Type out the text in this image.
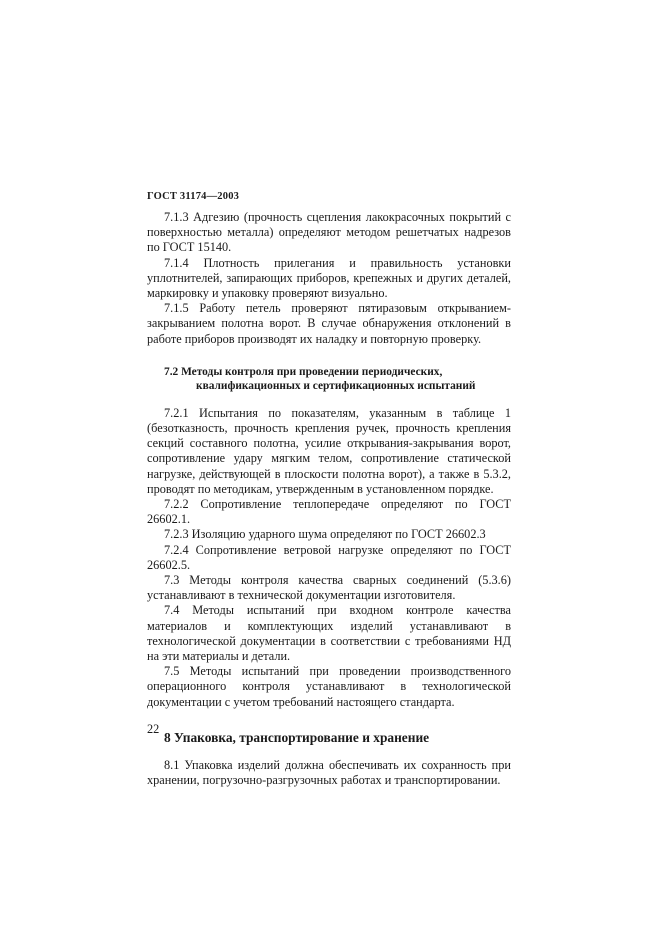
ГОСТ 31174—2003

7.1.3 Адгезию (прочность сцепления лакокрасочных покрытий с поверхностью металла) определяют методом решетчатых надрезов по ГОСТ 15140.

7.1.4 Плотность прилегания и правильность установки уплотнителей, запирающих приборов, крепежных и других деталей, маркировку и упаковку проверяют визуально.

7.1.5 Работу петель проверяют пятиразовым открыванием-закрыванием полотна ворот. В случае обнаружения отклонений в работе приборов производят их наладку и повторную проверку.

7.2 Методы контроля при проведении периодических,
квалификационных и сертификационных испытаний

7.2.1 Испытания по показателям, указанным в таблице 1 (безотказность, прочность крепления ручек, прочность крепления секций составного полотна, усилие открывания-закрывания ворот, сопротивление удару мягким телом, сопротивление статической нагрузке, действующей в плоскости полотна ворот), а также в 5.3.2, проводят по методикам, утвержденным в установленном порядке.

7.2.2 Сопротивление теплопередаче определяют по ГОСТ 26602.1.

7.2.3 Изоляцию ударного шума определяют по ГОСТ 26602.3

7.2.4 Сопротивление ветровой нагрузке определяют по ГОСТ 26602.5.

7.3 Методы контроля качества сварных соединений (5.3.6) устанавливают в технической документации изготовителя.

7.4 Методы испытаний при входном контроле качества материалов и комплектующих изделий устанавливают в технологической документации в соответствии с требованиями НД на эти материалы и детали.

7.5 Методы испытаний при проведении производственного операционного контроля устанавливают в технологической документации с учетом требований настоящего стандарта.

8 Упаковка, транспортирование и хранение

8.1 Упаковка изделий должна обеспечивать их сохранность при хранении, погрузочно-разгрузочных работах и транспортировании.

22
